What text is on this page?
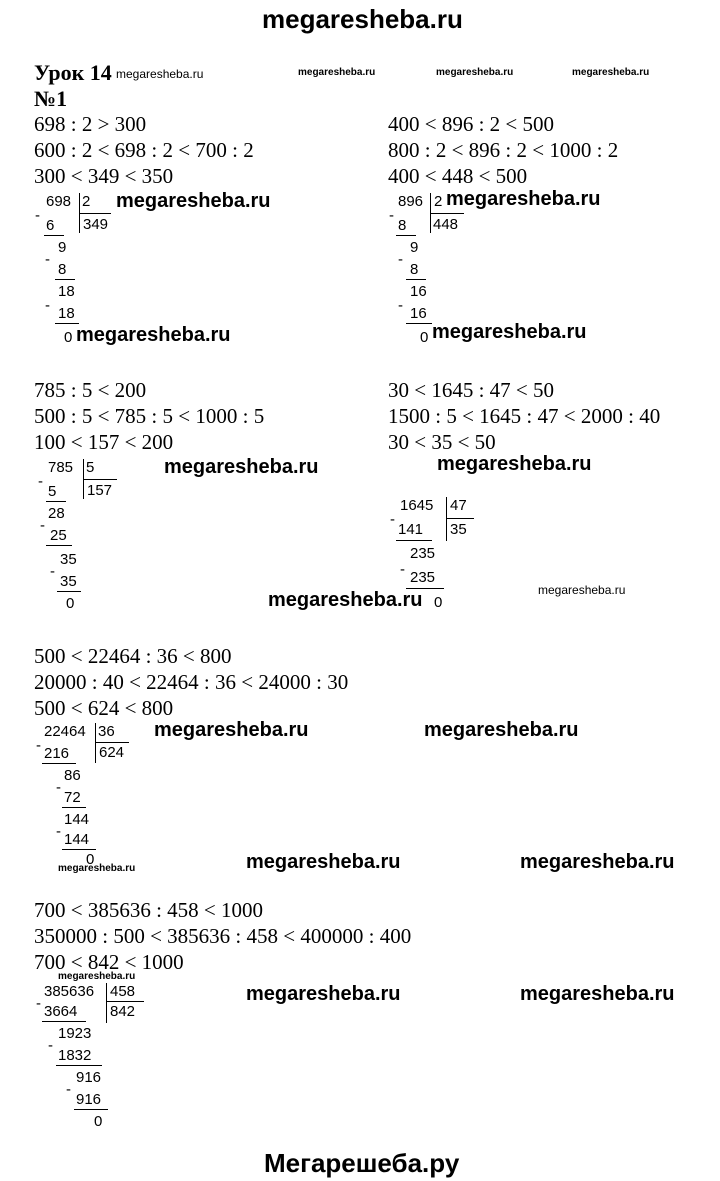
megaresheba.ru
Урок 14
№1
megaresheba.ru	megaresheba.ru	megaresheba.ru	megaresheba.ru
698 : 2 > 300
600 : 2 < 698 : 2 < 700 : 2
300 < 349 < 350
698 2
349
-
6
9
-
8
18
- 18
0
megaresheba.ru
megaresheba.ru
400 < 896 : 2 < 500
800 : 2 < 896 : 2 < 1000 : 2
400 < 448 < 500
896 2
448
-
8
9
-
8
16
- 16
0
megaresheba.ru
megaresheba.ru
785 : 5 < 200
500 : 5 < 785 : 5 < 1000 : 5
100 < 157 < 200
785 5
157
-
5
28
-
25
35
-
35
0
megaresheba.ru
megaresheba.ru
30 < 1645 : 47 < 50
1500 : 5 < 1645 : 47 < 2000 : 40
30 < 35 < 50
1645 47
35
-
141
235
- 235
0
megaresheba.ru
megaresheba.ru
500 < 22464 : 36 < 800
20000 : 40 < 22464 : 36 < 24000 : 30
500 < 624 < 800
22464 36
624
- 216
86
-
72
144
- 144
0
megaresheba.ru	megaresheba.ru
megaresheba.ru	megaresheba.ru	megaresheba.ru
700 < 385636 : 458 < 1000
350000 : 500 < 385636 : 458 < 400000 : 400
700 < 842 < 1000
megaresheba.ru
385636 458
842
- 3664
1923
-
1832
916
-
916
0
megaresheba.ru	megaresheba.ru
Мегарешеба.ру
